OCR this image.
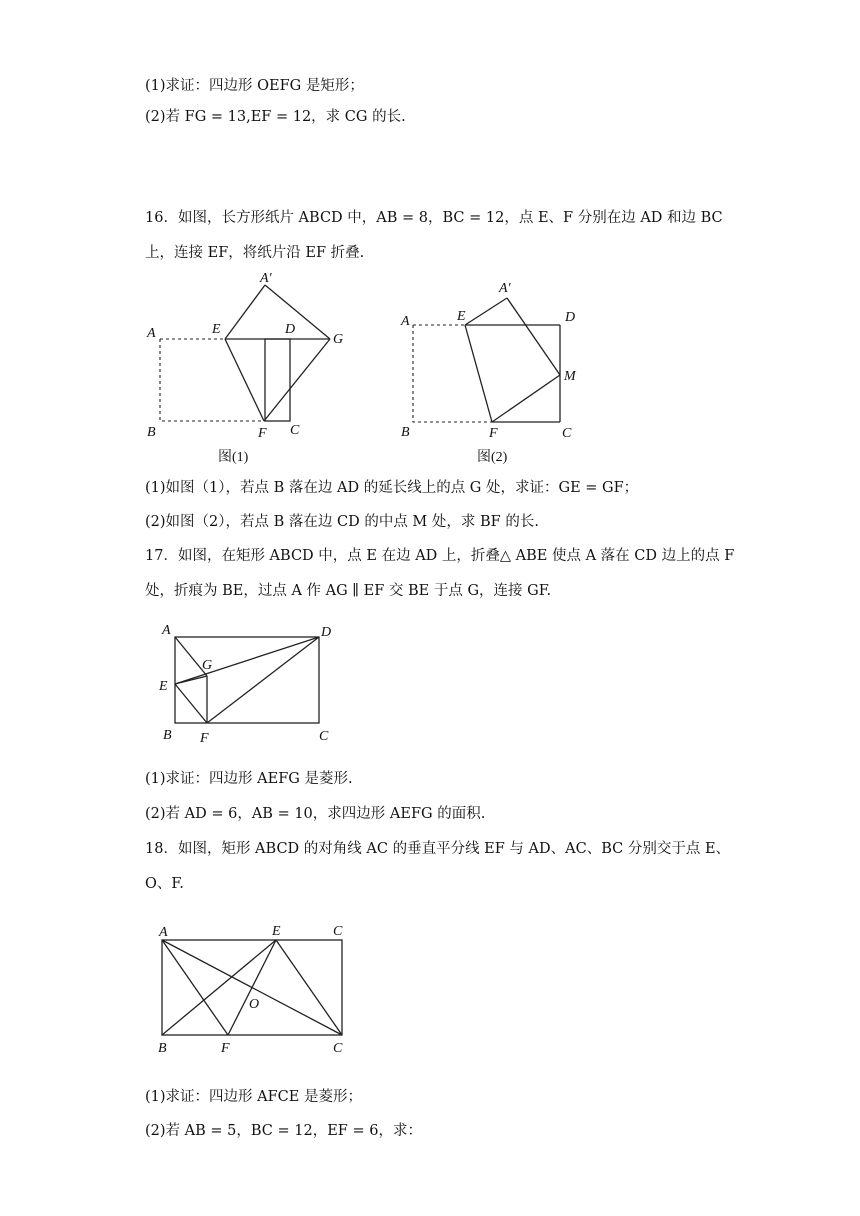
(1)求证：四边形 OEFG 是矩形；
(2)若 FG = 13,EF = 12，求 CG 的长.
16．如图，长方形纸片 ABCD 中，AB = 8，BC = 12，点 E、F 分别在边 AD 和边 BC
上，连接 EF，将纸片沿 EF 折叠.
A	E	D
G
A′
B	F C
图(1)
A	E	D
A′
M
B	F	C
图(2)
(1)如图（1），若点 B 落在边 AD 的延长线上的点 G 处，求证：GE = GF；
(2)如图（2），若点 B 落在边 CD 的中点 M 处，求 BF 的长.
17．如图，在矩形 ABCD 中，点 E 在边 AD 上，折叠△ ABE 使点 A 落在 CD 边上的点 F
处，折痕为 BE，过点 A 作 AG ∥ EF 交 BE 于点 G，连接 GF.
A	D
G
E
B F	C
(1)求证：四边形 AEFG 是菱形.
(2)若 AD = 6，AB = 10，求四边形 AEFG 的面积.
18．如图，矩形 ABCD 的对角线 AC 的垂直平分线 EF 与 AD、AC、BC 分别交于点 E、
O、F.
A	E	C
O
B	F	C
(1)求证：四边形 AFCE 是菱形；
(2)若 AB = 5，BC = 12，EF = 6，求：
